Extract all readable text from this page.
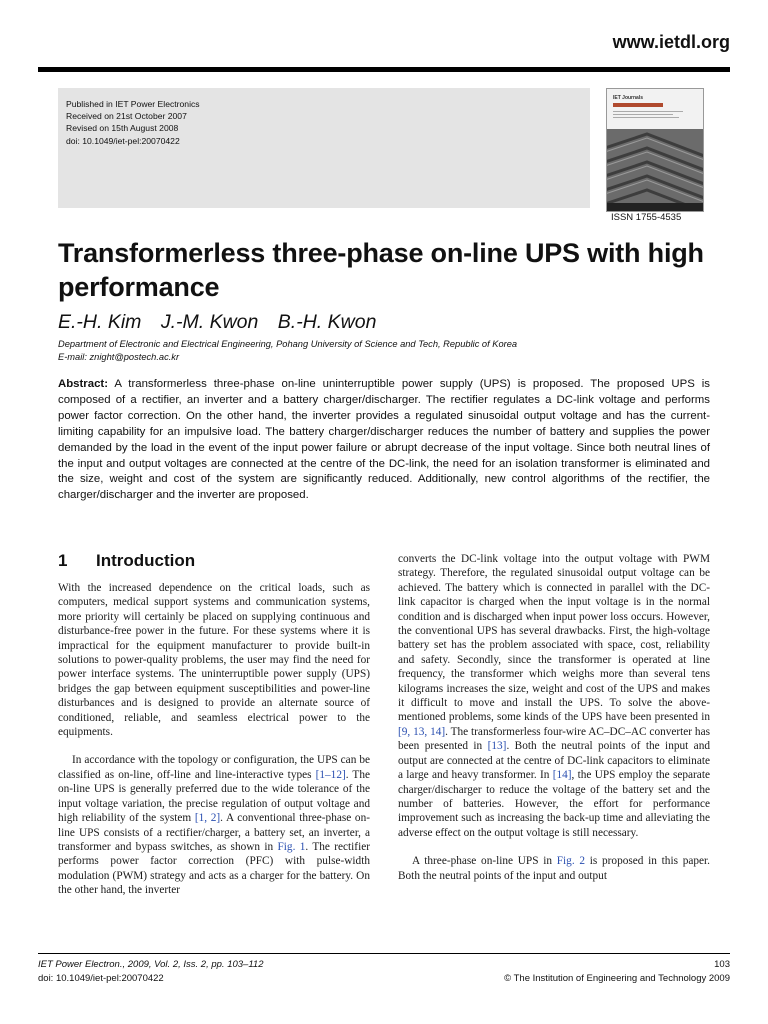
www.ietdl.org
Published in IET Power Electronics
Received on 21st October 2007
Revised on 15th August 2008
doi: 10.1049/iet-pel:20070422
IET Journals
ISSN 1755-4535
Transformerless three-phase on-line UPS with high performance
E.-H. Kim J.-M. Kwon B.-H. Kwon
Department of Electronic and Electrical Engineering, Pohang University of Science and Tech, Republic of Korea
E-mail: znight@postech.ac.kr
Abstract: A transformerless three-phase on-line uninterruptible power supply (UPS) is proposed. The proposed UPS is composed of a rectifier, an inverter and a battery charger/discharger. The rectifier regulates a DC-link voltage and performs power factor correction. On the other hand, the inverter provides a regulated sinusoidal output voltage and has the current-limiting capability for an impulsive load. The battery charger/discharger reduces the number of battery and supplies the power demanded by the load in the event of the input power failure or abrupt decrease of the input voltage. Since both neutral lines of the input and output voltages are connected at the centre of the DC-link, the need for an isolation transformer is eliminated and the size, weight and cost of the system are significantly reduced. Additionally, new control algorithms of the rectifier, the charger/discharger and the inverter are proposed.
1 Introduction

With the increased dependence on the critical loads, such as computers, medical support systems and communication systems, more priority will certainly be placed on supplying continuous and disturbance-free power in the future. For these systems where it is impractical for the equipment manufacturer to provide built-in solutions to power-quality problems, the user may find the need for power interface systems. The uninterruptible power supply (UPS) bridges the gap between equipment susceptibilities and power-line disturbances and is designed to provide an alternate source of conditioned, reliable, and seamless electrical power to the equipments.

In accordance with the topology or configuration, the UPS can be classified as on-line, off-line and line-interactive types [1–12]. The on-line UPS is generally preferred due to the wide tolerance of the input voltage variation, the precise regulation of output voltage and high reliability of the system [1, 2]. A conventional three-phase on-line UPS consists of a rectifier/charger, a battery set, an inverter, a transformer and bypass switches, as shown in Fig. 1. The rectifier performs power factor correction (PFC) with pulse-width modulation (PWM) strategy and acts as a charger for the battery. On the other hand, the inverter

converts the DC-link voltage into the output voltage with PWM strategy. Therefore, the regulated sinusoidal output voltage can be achieved. The battery which is connected in parallel with the DC-link capacitor is charged when the input voltage is in the normal condition and is discharged when input power loss occurs. However, the conventional UPS has several drawbacks. First, the high-voltage battery set has the problem associated with space, cost, reliability and safety. Secondly, since the transformer is operated at line frequency, the transformer which weighs more than several tens kilograms increases the size, weight and cost of the UPS and makes it difficult to move and install the UPS. To solve the above-mentioned problems, some kinds of the UPS have been presented in [9, 13, 14]. The transformerless four-wire AC–DC–AC converter has been presented in [13]. Both the neutral points of the input and output are connected at the centre of DC-link capacitors to eliminate a large and heavy transformer. In [14], the UPS employ the separate charger/discharger to reduce the voltage of the battery set and the number of batteries. However, the effort for performance improvement such as increasing the back-up time and alleviating the adverse effect on the output voltage is still necessary.

A three-phase on-line UPS in Fig. 2 is proposed in this paper. Both the neutral points of the input and output

IET Power Electron., 2009, Vol. 2, Iss. 2, pp. 103–112
doi: 10.1049/iet-pel:20070422
103
© The Institution of Engineering and Technology 2009
